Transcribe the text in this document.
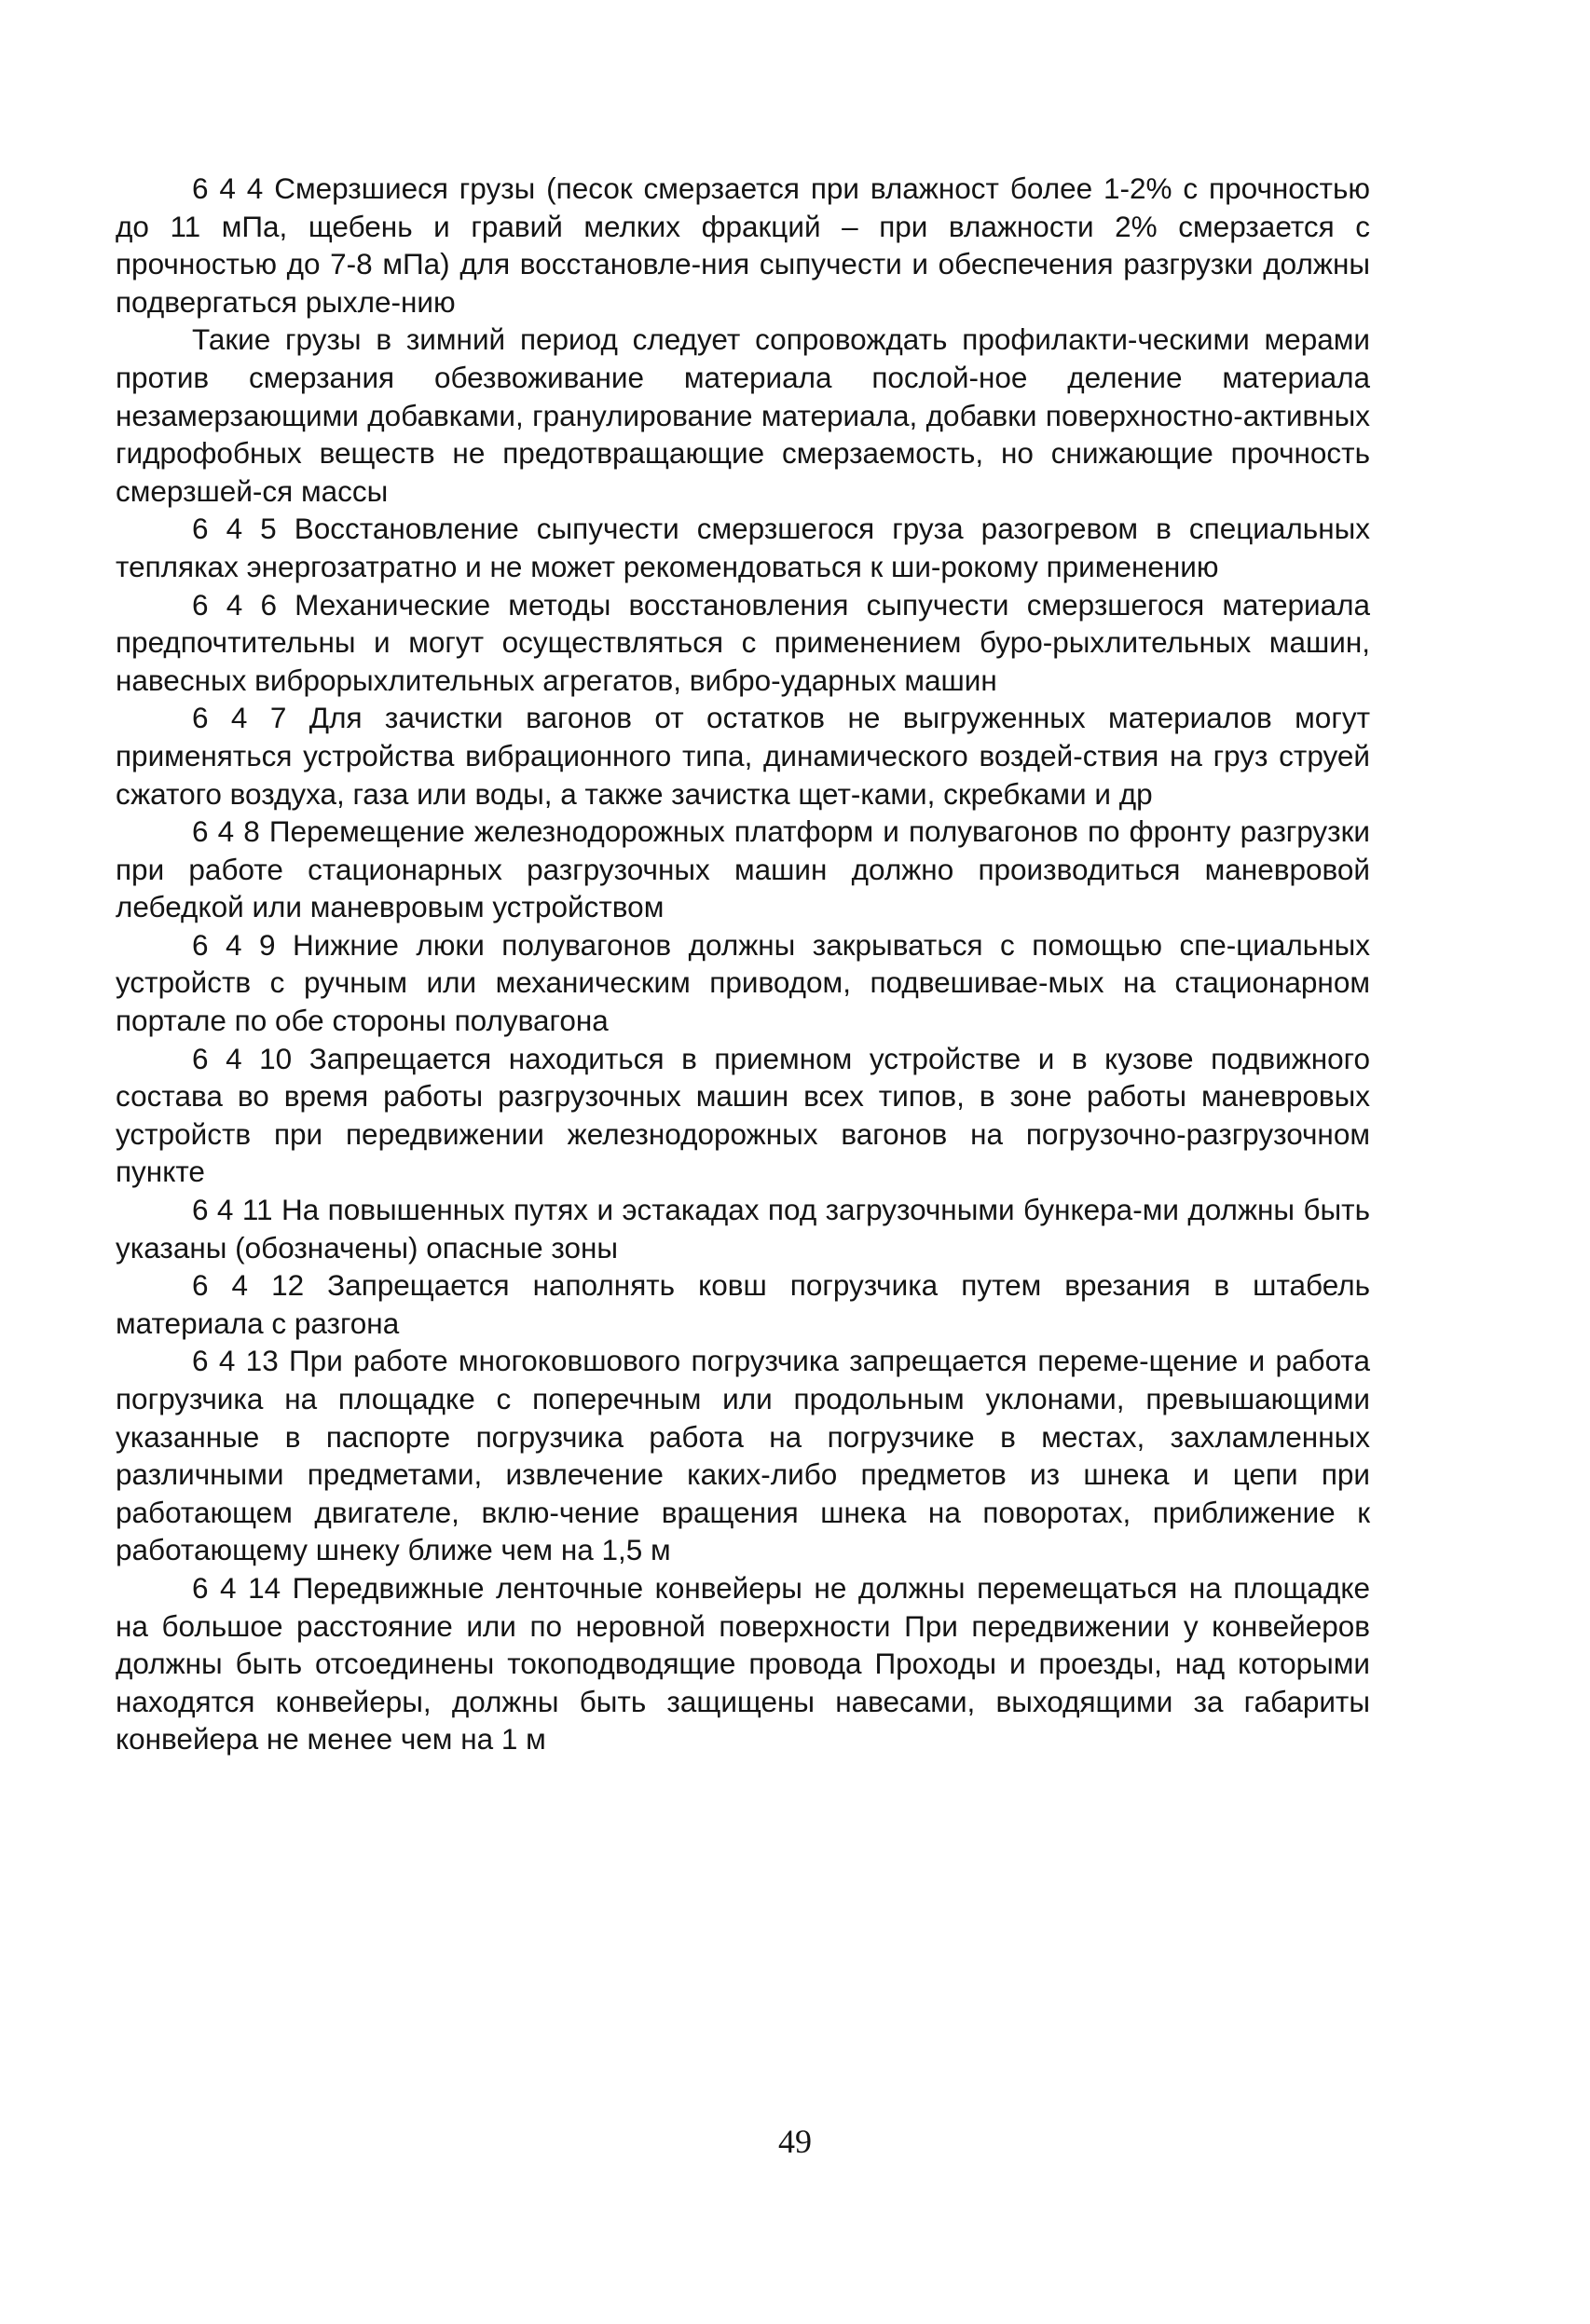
6 4 4 Смерзшиеся грузы (песок смерзается при влажност более 1-2% с прочностью до 11 мПа, щебень и гравий мелких фракций – при влажности 2% смерзается с прочностью до 7-8 мПа) для восстановле-ния сыпучести и обеспечения разгрузки должны подвергаться рыхле-нию

Такие грузы в зимний период следует сопровождать профилакти-ческими мерами против смерзания обезвоживание материала послой-ное деление материала незамерзающими добавками, гранулирование материала, добавки поверхностно-активных гидрофобных веществ не предотвращающие смерзаемость, но снижающие прочность смерзшей-ся массы

6 4 5 Восстановление сыпучести смерзшегося груза разогревом в специальных тепляках энергозатратно и не может рекомендоваться к ши-рокому применению

6 4 6 Механические методы восстановления сыпучести смерзшегося материала предпочтительны и могут осуществляться с применением буро-рыхлительных машин, навесных виброрыхлительных агрегатов, вибро-ударных машин

6 4 7 Для зачистки вагонов от остатков не выгруженных материалов могут применяться устройства вибрационного типа, динамического воздей-ствия на груз струей сжатого воздуха, газа или воды, а также зачистка щет-ками, скребками и др

6 4 8 Перемещение железнодорожных платформ и полувагонов по фронту разгрузки при работе стационарных разгрузочных машин должно производиться маневровой лебедкой или маневровым устройством

6 4 9 Нижние люки полувагонов должны закрываться с помощью спе-циальных устройств с ручным или механическим приводом, подвешивае-мых на стационарном портале по обе стороны полувагона

6 4 10 Запрещается находиться в приемном устройстве и в кузове подвижного состава во время работы разгрузочных машин всех типов, в зоне работы маневровых устройств при передвижении железнодорожных вагонов на погрузочно-разгрузочном пункте

6 4 11 На повышенных путях и эстакадах под загрузочными бункера-ми должны быть указаны (обозначены) опасные зоны

6 4 12 Запрещается наполнять ковш погрузчика путем врезания в штабель материала с разгона

6 4 13 При работе многоковшового погрузчика запрещается переме-щение и работа погрузчика на площадке с поперечным или продольным уклонами, превышающими указанные в паспорте погрузчика работа на погрузчике в местах, захламленных различными предметами, извлечение каких-либо предметов из шнека и цепи при работающем двигателе, вклю-чение вращения шнека на поворотах, приближение к работающему шнеку ближе чем на 1,5 м

6 4 14 Передвижные ленточные конвейеры не должны перемещаться на площадке на большое расстояние или по неровной поверхности При передвижении у конвейеров должны быть отсоединены токоподводящие провода Проходы и проезды, над которыми находятся конвейеры, должны быть защищены навесами, выходящими за габариты конвейера не менее чем на 1 м

49
